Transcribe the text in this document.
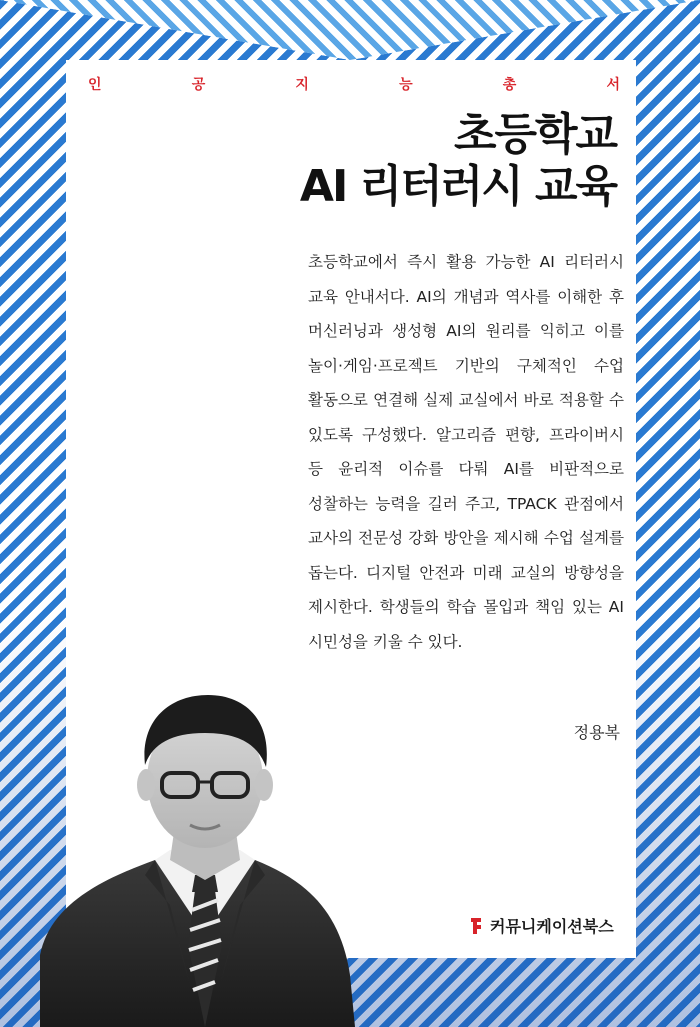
인	공	지	능	총	서
초등학교
AI 리터러시 교육
초등학교에서 즉시 활용 가능한 AI 리터러시 교육 안내서다. AI의 개념과 역사를 이해한 후 머신러닝과 생성형 AI의 원리를 익히고 이를 놀이·게임·프로젝트 기반의 구체적인 수업 활동으로 연결해 실제 교실에서 바로 적용할 수 있도록 구성했다. 알고리즘 편향, 프라이버시 등 윤리적 이슈를 다뤄 AI를 비판적으로 성찰하는 능력을 길러 주고, TPACK 관점에서 교사의 전문성 강화 방안을 제시해 수업 설계를 돕는다. 디지털 안전과 미래 교실의 방향성을 제시한다. 학생들의 학습 몰입과 책임 있는 AI 시민성을 키울 수 있다.
정용복
커뮤니케이션북스
